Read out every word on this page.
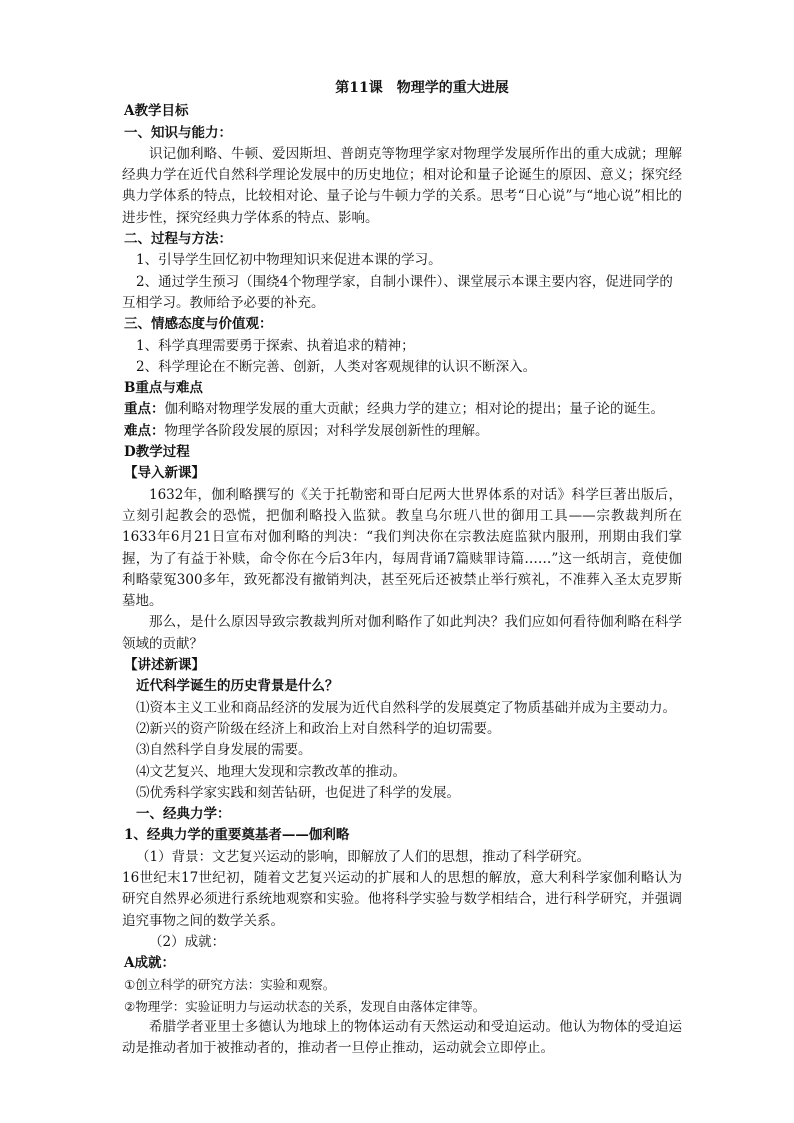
第11课　物理学的重大进展

A教学目标

一、知识与能力：

识记伽利略、牛顿、爱因斯坦、普朗克等物理学家对物理学发展所作出的重大成就；理解经典力学在近代自然科学理论发展中的历史地位；相对论和量子论诞生的原因、意义；探究经典力学体系的特点，比较相对论、量子论与牛顿力学的关系。思考“日心说”与“地心说”相比的进步性，探究经典力学体系的特点、影响。

二、过程与方法：

1、引导学生回忆初中物理知识来促进本课的学习。

2、通过学生预习（围绕4个物理学家，自制小课件）、课堂展示本课主要内容，促进同学的互相学习。教师给予必要的补充。

三、情感态度与价值观：

1、科学真理需要勇于探索、执着追求的精神；

2、科学理论在不断完善、创新，人类对客观规律的认识不断深入。

B重点与难点

重点：伽利略对物理学发展的重大贡献；经典力学的建立；相对论的提出；量子论的诞生。

难点：物理学各阶段发展的原因；对科学发展创新性的理解。

D教学过程

【导入新课】

1632年，伽利略撰写的《关于托勒密和哥白尼两大世界体系的对话》科学巨著出版后，立刻引起教会的恐慌，把伽利略投入监狱。教皇乌尔班八世的御用工具——宗教裁判所在1633年6月21日宣布对伽利略的判决：“我们判决你在宗教法庭监狱内服刑，刑期由我们掌握，为了有益于补赎，命令你在今后3年内，每周背诵7篇赎罪诗篇……”这一纸胡言，竟使伽利略蒙冤300多年，致死都没有撤销判决，甚至死后还被禁止举行殡礼，不准葬入圣太克罗斯墓地。

那么，是什么原因导致宗教裁判所对伽利略作了如此判决？我们应如何看待伽利略在科学领域的贡献？

【讲述新课】

近代科学诞生的历史背景是什么？

⑴资本主义工业和商品经济的发展为近代自然科学的发展奠定了物质基础并成为主要动力。

⑵新兴的资产阶级在经济上和政治上对自然科学的迫切需要。

⑶自然科学自身发展的需要。

⑷文艺复兴、地理大发现和宗教改革的推动。

⑸优秀科学家实践和刻苦钻研，也促进了科学的发展。

一、经典力学：

1、经典力学的重要奠基者——伽利略

（1）背景：文艺复兴运动的影响，即解放了人们的思想，推动了科学研究。

16世纪末17世纪初，随着文艺复兴运动的扩展和人的思想的解放，意大利科学家伽利略认为研究自然界必须进行系统地观察和实验。他将科学实验与数学相结合，进行科学研究，并强调追究事物之间的数学关系。

（2）成就：

A成就：

①创立科学的研究方法：实验和观察。

②物理学：实验证明力与运动状态的关系，发现自由落体定律等。

希腊学者亚里士多德认为地球上的物体运动有天然运动和受迫运动。他认为物体的受迫运动是推动者加于被推动者的，推动者一旦停止推动，运动就会立即停止。
